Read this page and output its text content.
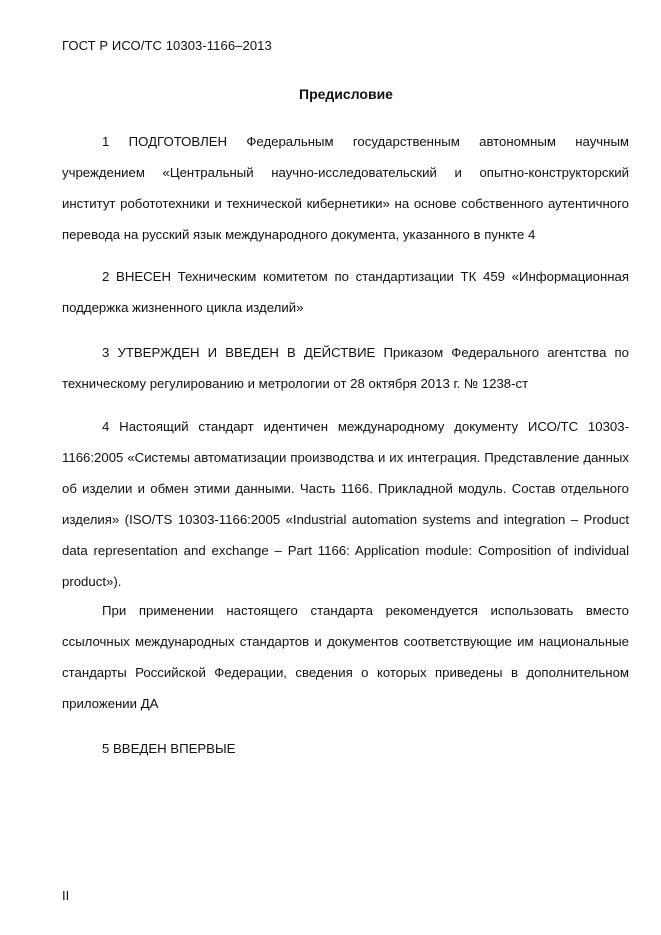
ГОСТ Р ИСО/ТС 10303-1166–2013
Предисловие

1 ПОДГОТОВЛЕН Федеральным государственным автономным научным учреждением «Центральный научно-исследовательский и опытно-конструкторский институт робототехники и технической кибернетики» на основе собственного аутентичного перевода на русский язык международного документа, указанного в пункте 4

2 ВНЕСЕН Техническим комитетом по стандартизации ТК 459 «Информационная поддержка жизненного цикла изделий»

3 УТВЕРЖДЕН И ВВЕДЕН В ДЕЙСТВИЕ Приказом Федерального агентства по техническому регулированию и метрологии от 28 октября 2013 г. № 1238-ст

4 Настоящий стандарт идентичен международному документу ИСО/ТС 10303-1166:2005 «Системы автоматизации производства и их интеграция. Представление данных об изделии и обмен этими данными. Часть 1166. Прикладной модуль. Состав отдельного изделия» (ISO/TS 10303-1166:2005 «Industrial automation systems and integration – Product data representation and exchange – Part 1166: Application module: Composition of individual product»).

При применении настоящего стандарта рекомендуется использовать вместо ссылочных международных стандартов и документов соответствующие им национальные стандарты Российской Федерации, сведения о которых приведены в дополнительном приложении ДА

5 ВВЕДЕН ВПЕРВЫЕ

II
